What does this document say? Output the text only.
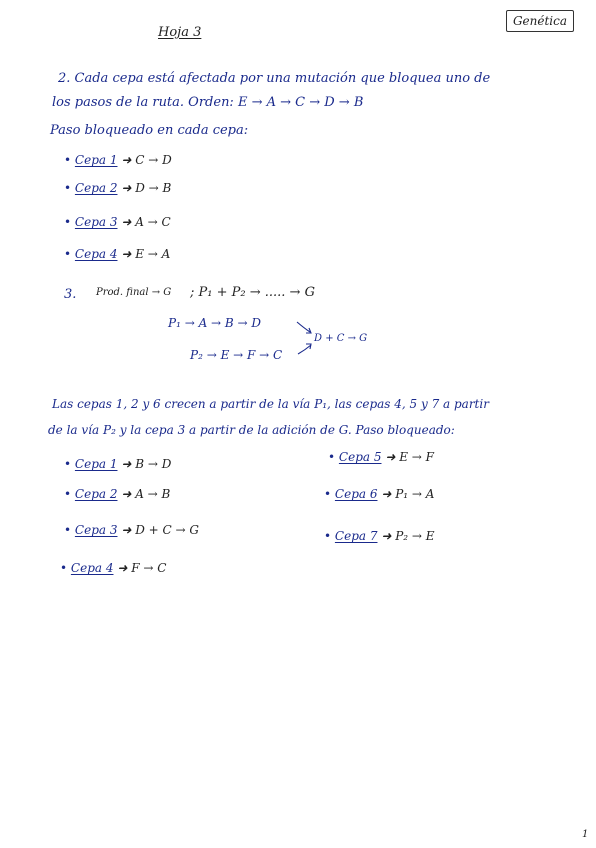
Hoja 3
Genética
2. Cada cepa está afectada por una mutación que bloquea uno de
los pasos de la ruta. Orden: E → A → C → D → B
Paso bloqueado en cada cepa:
• Cepa 1 ➜ C → D
• Cepa 2 ➜ D → B
• Cepa 3 ➜ A → C
• Cepa 4 ➜ E → A
3. Prod. final → G ; P₁ + P₂ → ..... → G
P₁ → A → B → D
D + C → G
P₂ → E → F → C
Las cepas 1, 2 y 6 crecen a partir de la vía P₁, las cepas 4, 5 y 7 a partir
de la vía P₂ y la cepa 3 a partir de la adición de G. Paso bloqueado:
• Cepa 1 ➜ B → D
• Cepa 2 ➜ A → B
• Cepa 3 ➜ D + C → G
• Cepa 4 ➜ F → C
• Cepa 5 ➜ E → F
• Cepa 6 ➜ P₁ → A
• Cepa 7 ➜ P₂ → E
1
